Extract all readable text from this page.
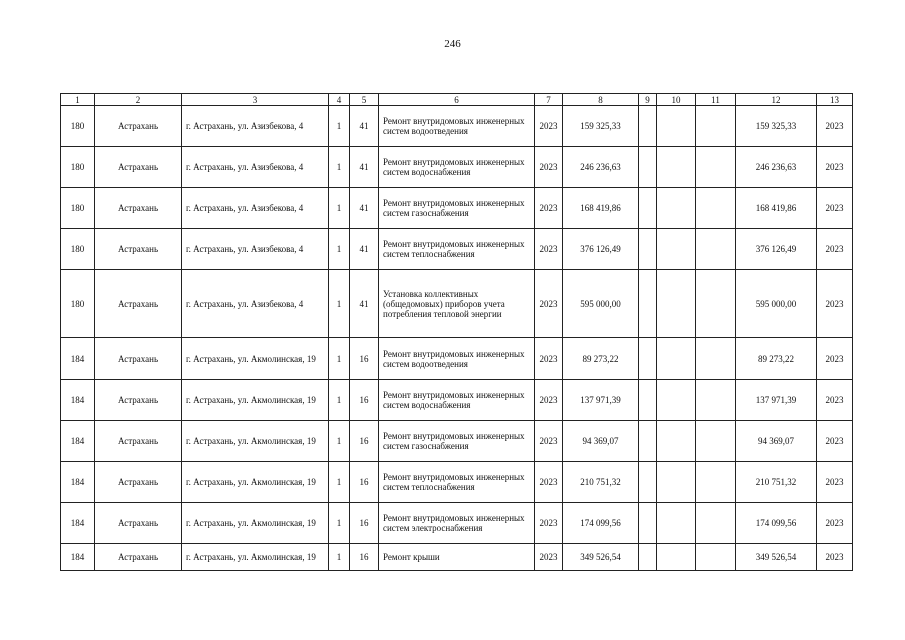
246
1	2	3	4	5	6	7	8	9	10	11	12	13
180	Астрахань	г. Астрахань, ул. Азизбекова, 4	1	41	Ремонт внутридомовых инженерных систем водоотведения	2023	159 325,33				159 325,33	2023
180	Астрахань	г. Астрахань, ул. Азизбекова, 4	1	41	Ремонт внутридомовых инженерных систем водоснабжения	2023	246 236,63				246 236,63	2023
180	Астрахань	г. Астрахань, ул. Азизбекова, 4	1	41	Ремонт внутридомовых инженерных систем газоснабжения	2023	168 419,86				168 419,86	2023
180	Астрахань	г. Астрахань, ул. Азизбекова, 4	1	41	Ремонт внутридомовых инженерных систем теплоснабжения	2023	376 126,49				376 126,49	2023
180	Астрахань	г. Астрахань, ул. Азизбекова, 4	1	41	Установка коллективных (общедомовых) приборов учета потребления тепловой энергии	2023	595 000,00				595 000,00	2023
184	Астрахань	г. Астрахань, ул. Акмолинская, 19	1	16	Ремонт внутридомовых инженерных систем водоотведения	2023	89 273,22				89 273,22	2023
184	Астрахань	г. Астрахань, ул. Акмолинская, 19	1	16	Ремонт внутридомовых инженерных систем водоснабжения	2023	137 971,39				137 971,39	2023
184	Астрахань	г. Астрахань, ул. Акмолинская, 19	1	16	Ремонт внутридомовых инженерных систем газоснабжения	2023	94 369,07				94 369,07	2023
184	Астрахань	г. Астрахань, ул. Акмолинская, 19	1	16	Ремонт внутридомовых инженерных систем теплоснабжения	2023	210 751,32				210 751,32	2023
184	Астрахань	г. Астрахань, ул. Акмолинская, 19	1	16	Ремонт внутридомовых инженерных систем электроснабжения	2023	174 099,56				174 099,56	2023
184	Астрахань	г. Астрахань, ул. Акмолинская, 19	1	16	Ремонт крыши	2023	349 526,54				349 526,54	2023
